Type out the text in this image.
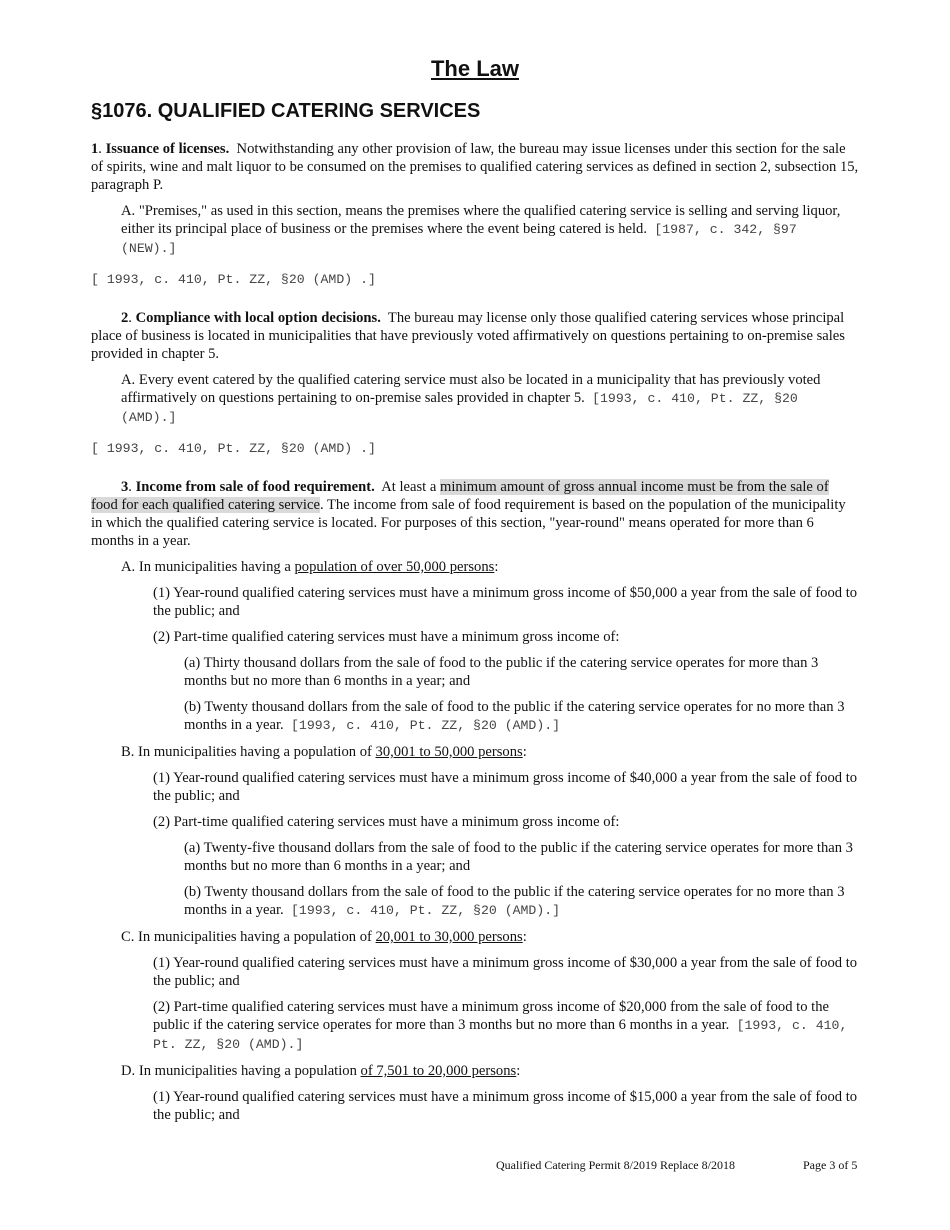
The Law
§1076. QUALIFIED CATERING SERVICES

1. Issuance of licenses. Notwithstanding any other provision of law, the bureau may issue licenses under this section for the sale of spirits, wine and malt liquor to be consumed on the premises to qualified catering services as defined in section 2, subsection 15, paragraph P.

A. "Premises," as used in this section, means the premises where the qualified catering service is selling and serving liquor, either its principal place of business or the premises where the event being catered is held. [1987, c. 342, §97 (NEW).]

[ 1993, c. 410, Pt. ZZ, §20 (AMD) .]

2. Compliance with local option decisions. The bureau may license only those qualified catering services whose principal place of business is located in municipalities that have previously voted affirmatively on questions pertaining to on-premise sales provided in chapter 5.

A. Every event catered by the qualified catering service must also be located in a municipality that has previously voted affirmatively on questions pertaining to on-premise sales provided in chapter 5. [1993, c. 410, Pt. ZZ, §20 (AMD).]

[ 1993, c. 410, Pt. ZZ, §20 (AMD) .]

3. Income from sale of food requirement. At least a minimum amount of gross annual income must be from the sale of food for each qualified catering service. The income from sale of food requirement is based on the population of the municipality in which the qualified catering service is located. For purposes of this section, "year-round" means operated for more than 6 months in a year.

A. In municipalities having a population of over 50,000 persons:

(1) Year-round qualified catering services must have a minimum gross income of $50,000 a year from the sale of food to the public; and

(2) Part-time qualified catering services must have a minimum gross income of:

(a) Thirty thousand dollars from the sale of food to the public if the catering service operates for more than 3 months but no more than 6 months in a year; and

(b) Twenty thousand dollars from the sale of food to the public if the catering service operates for no more than 3 months in a year. [1993, c. 410, Pt. ZZ, §20 (AMD).]

B. In municipalities having a population of 30,001 to 50,000 persons:

(1) Year-round qualified catering services must have a minimum gross income of $40,000 a year from the sale of food to the public; and

(2) Part-time qualified catering services must have a minimum gross income of:

(a) Twenty-five thousand dollars from the sale of food to the public if the catering service operates for more than 3 months but no more than 6 months in a year; and

(b) Twenty thousand dollars from the sale of food to the public if the catering service operates for no more than 3 months in a year. [1993, c. 410, Pt. ZZ, §20 (AMD).]

C. In municipalities having a population of 20,001 to 30,000 persons:

(1) Year-round qualified catering services must have a minimum gross income of $30,000 a year from the sale of food to the public; and

(2) Part-time qualified catering services must have a minimum gross income of $20,000 from the sale of food to the public if the catering service operates for more than 3 months but no more than 6 months in a year. [1993, c. 410, Pt. ZZ, §20 (AMD).]

D. In municipalities having a population of 7,501 to 20,000 persons:

(1) Year-round qualified catering services must have a minimum gross income of $15,000 a year from the sale of food to the public; and

Qualified Catering Permit 8/2019 Replace 8/2018	Page 3 of 5
